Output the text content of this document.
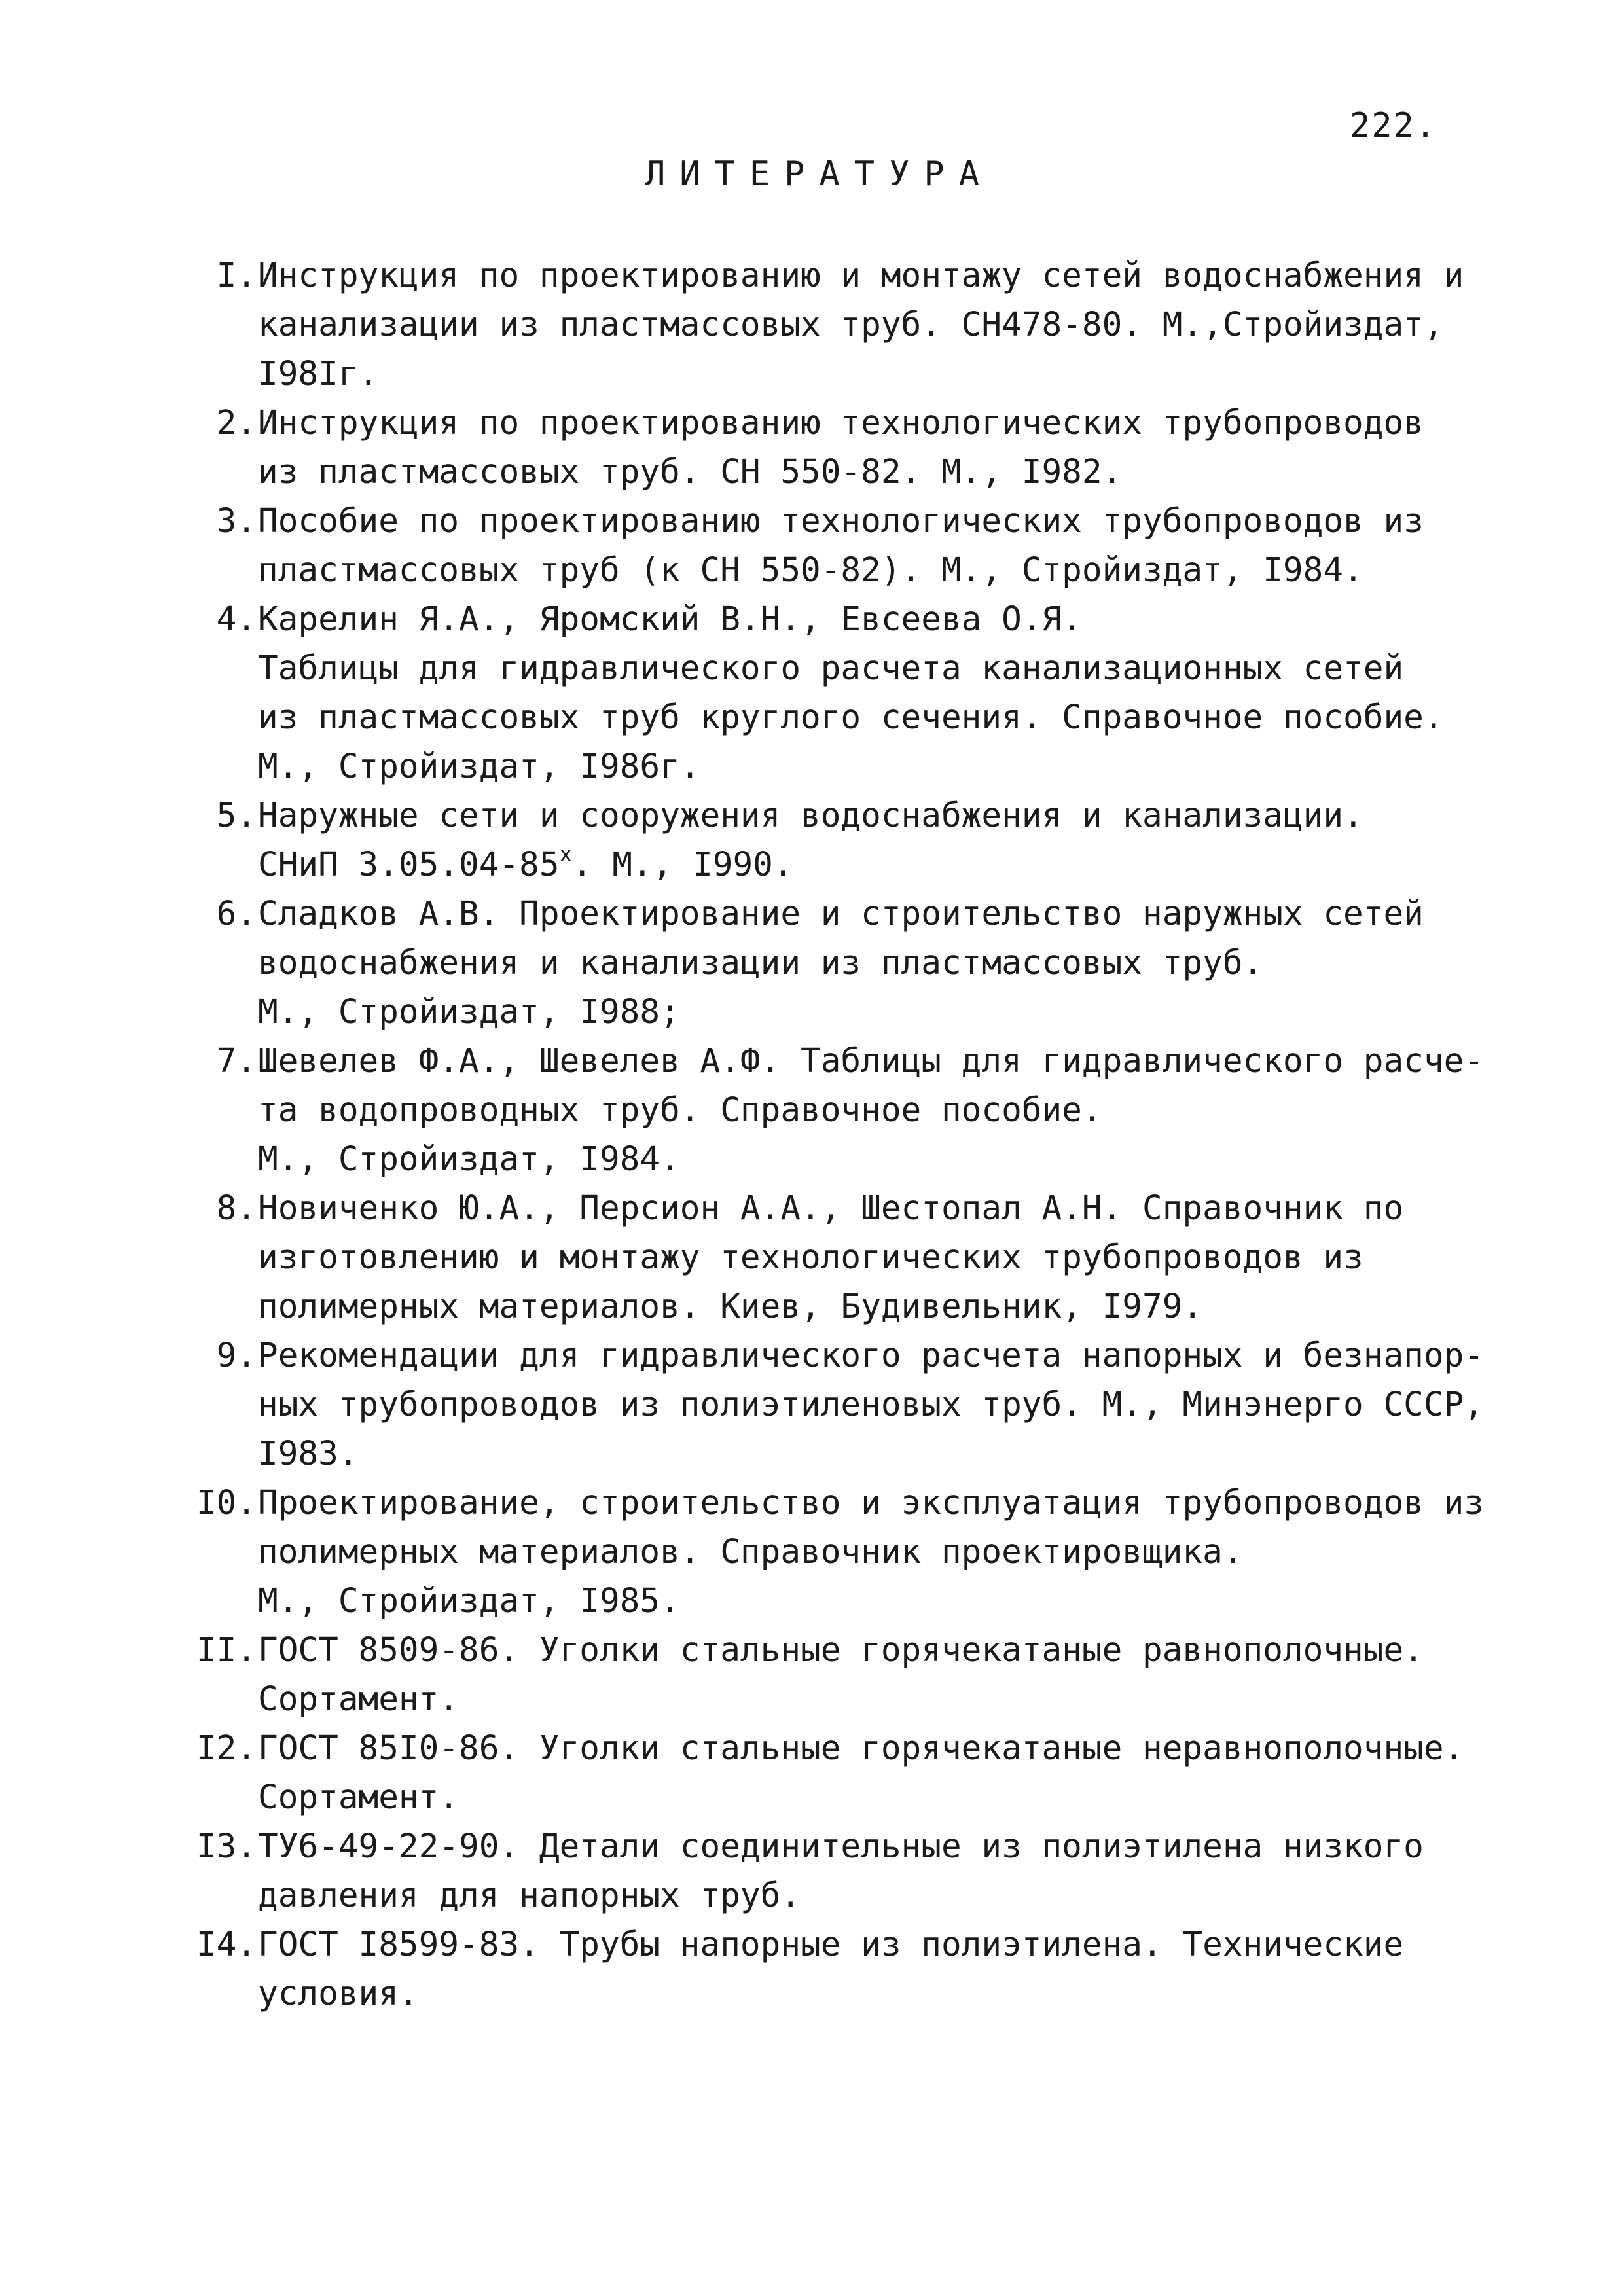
222.
ЛИТЕРАТУРА
I. Инструкция по проектированию и монтажу сетей водоснабжения и
канализации из пластмассовых труб. СН478-80. М.,Стройиздат,
I98Iг.
2. Инструкция по проектированию технологических трубопроводов
из пластмассовых труб. СН 550-82. М., I982.
3. Пособие по проектированию технологических трубопроводов из
пластмассовых труб (к СН 550-82). М., Стройиздат, I984.
4. Карелин Я.А., Яромский В.Н., Евсеева О.Я.
Таблицы для гидравлического расчета канализационных сетей
из пластмассовых труб круглого сечения. Справочное пособие.
М., Стройиздат, I986г.
5. Наружные сети и сооружения водоснабжения и канализации.
СНиП $3.05.04-85^х$. М., I990.
6. Сладков А.В. Проектирование и строительство наружных сетей
водоснабжения и канализации из пластмассовых труб.
М., Стройиздат, I988;
7. Шевелев Ф.А., Шевелев А.Ф. Таблицы для гидравлического расче-
та водопроводных труб. Справочное пособие.
М., Стройиздат, I984.
8. Новиченко Ю.А., Персион А.А., Шестопал А.Н. Справочник по
изготовлению и монтажу технологических трубопроводов из
полимерных материалов. Киев, Будивельник, I979.
9. Рекомендации для гидравлического расчета напорных и безнапор-
ных трубопроводов из полиэтиленовых труб. М., Минэнерго СССР,
I983.
I0. Проектирование, строительство и эксплуатация трубопроводов из
полимерных материалов. Справочник проектировщика.
М., Стройиздат, I985.
II. ГОСТ 8509-86. Уголки стальные горячекатаные равнополочные.
Сортамент.
I2. ГОСТ 85I0-86. Уголки стальные горячекатаные неравнополочные.
Сортамент.
I3. ТУ6-49-22-90. Детали соединительные из полиэтилена низкого
давления для напорных труб.
I4. ГОСТ I8599-83. Трубы напорные из полиэтилена. Технические
условия.
